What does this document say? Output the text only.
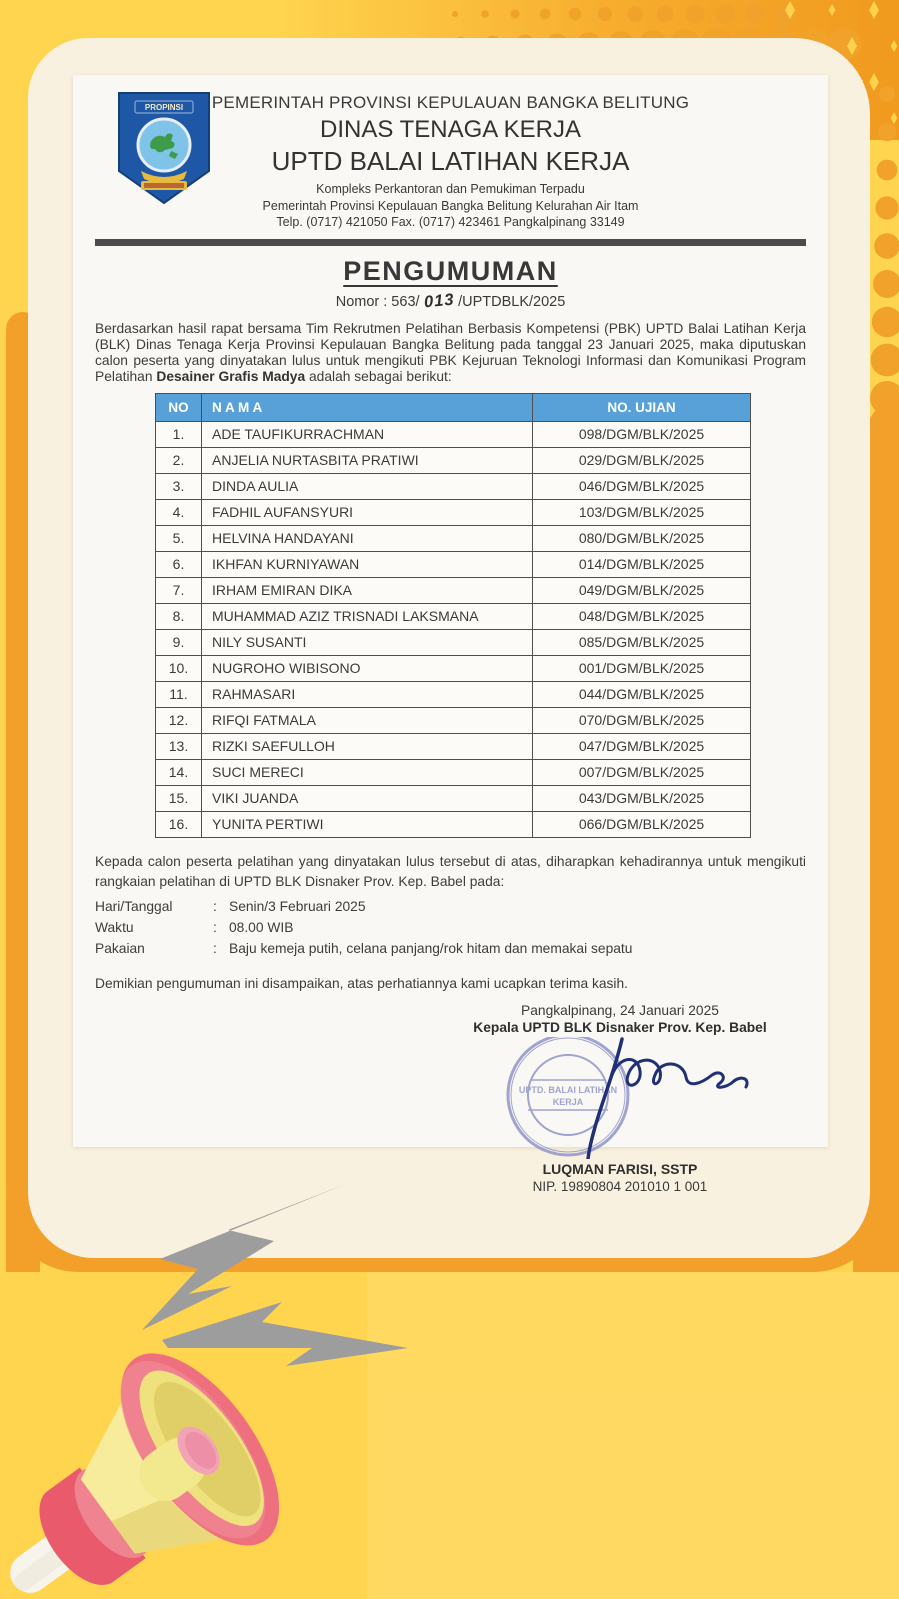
PROPINSI	PEMERINTAH PROVINSI KEPULAUAN BANGKA BELITUNG
DINAS TENAGA KERJA
UPTD BALAI LATIHAN KERJA
Kompleks Perkantoran dan Pemukiman Terpadu
Pemerintah Provinsi Kepulauan Bangka Belitung Kelurahan Air Itam
Telp. (0717) 421050 Fax. (0717) 423461 Pangkalpinang 33149
PENGUMUMAN
Nomor : 563/ 013 /UPTDBLK/2025

Berdasarkan hasil rapat bersama Tim Rekrutmen Pelatihan Berbasis Kompetensi (PBK) UPTD Balai Latihan Kerja (BLK) Dinas Tenaga Kerja Provinsi Kepulauan Bangka Belitung pada tanggal 23 Januari 2025, maka diputuskan calon peserta yang dinyatakan lulus untuk mengikuti PBK Kejuruan Teknologi Informasi dan Komunikasi Program Pelatihan Desainer Grafis Madya adalah sebagai berikut:

NO	N A M A	NO. UJIAN
1.	ADE TAUFIKURRACHMAN	098/DGM/BLK/2025
2.	ANJELIA NURTASBITA PRATIWI	029/DGM/BLK/2025
3.	DINDA AULIA	046/DGM/BLK/2025
4.	FADHIL AUFANSYURI	103/DGM/BLK/2025
5.	HELVINA HANDAYANI	080/DGM/BLK/2025
6.	IKHFAN KURNIYAWAN	014/DGM/BLK/2025
7.	IRHAM EMIRAN DIKA	049/DGM/BLK/2025
8.	MUHAMMAD AZIZ TRISNADI LAKSMANA	048/DGM/BLK/2025
9.	NILY SUSANTI	085/DGM/BLK/2025
10.	NUGROHO WIBISONO	001/DGM/BLK/2025
11.	RAHMASARI	044/DGM/BLK/2025
12.	RIFQI FATMALA	070/DGM/BLK/2025
13.	RIZKI SAEFULLOH	047/DGM/BLK/2025
14.	SUCI MERECI	007/DGM/BLK/2025
15.	VIKI JUANDA	043/DGM/BLK/2025
16.	YUNITA PERTIWI	066/DGM/BLK/2025

Kepada calon peserta pelatihan yang dinyatakan lulus tersebut di atas, diharapkan kehadirannya untuk mengikuti rangkaian pelatihan di UPTD BLK Disnaker Prov. Kep. Babel pada:

Hari/Tanggal	: Senin/3 Februari 2025
Waktu	: 08.00 WIB
Pakaian	: Baju kemeja putih, celana panjang/rok hitam dan memakai sepatu

Demikian pengumuman ini disampaikan, atas perhatiannya kami ucapkan terima kasih.

Pangkalpinang, 24 Januari 2025
Kepala UPTD BLK Disnaker Prov. Kep. Babel
UPTD. BALAI LATIHAN
KERJA
LUQMAN FARISI, SSTP
NIP. 19890804 201010 1 001
